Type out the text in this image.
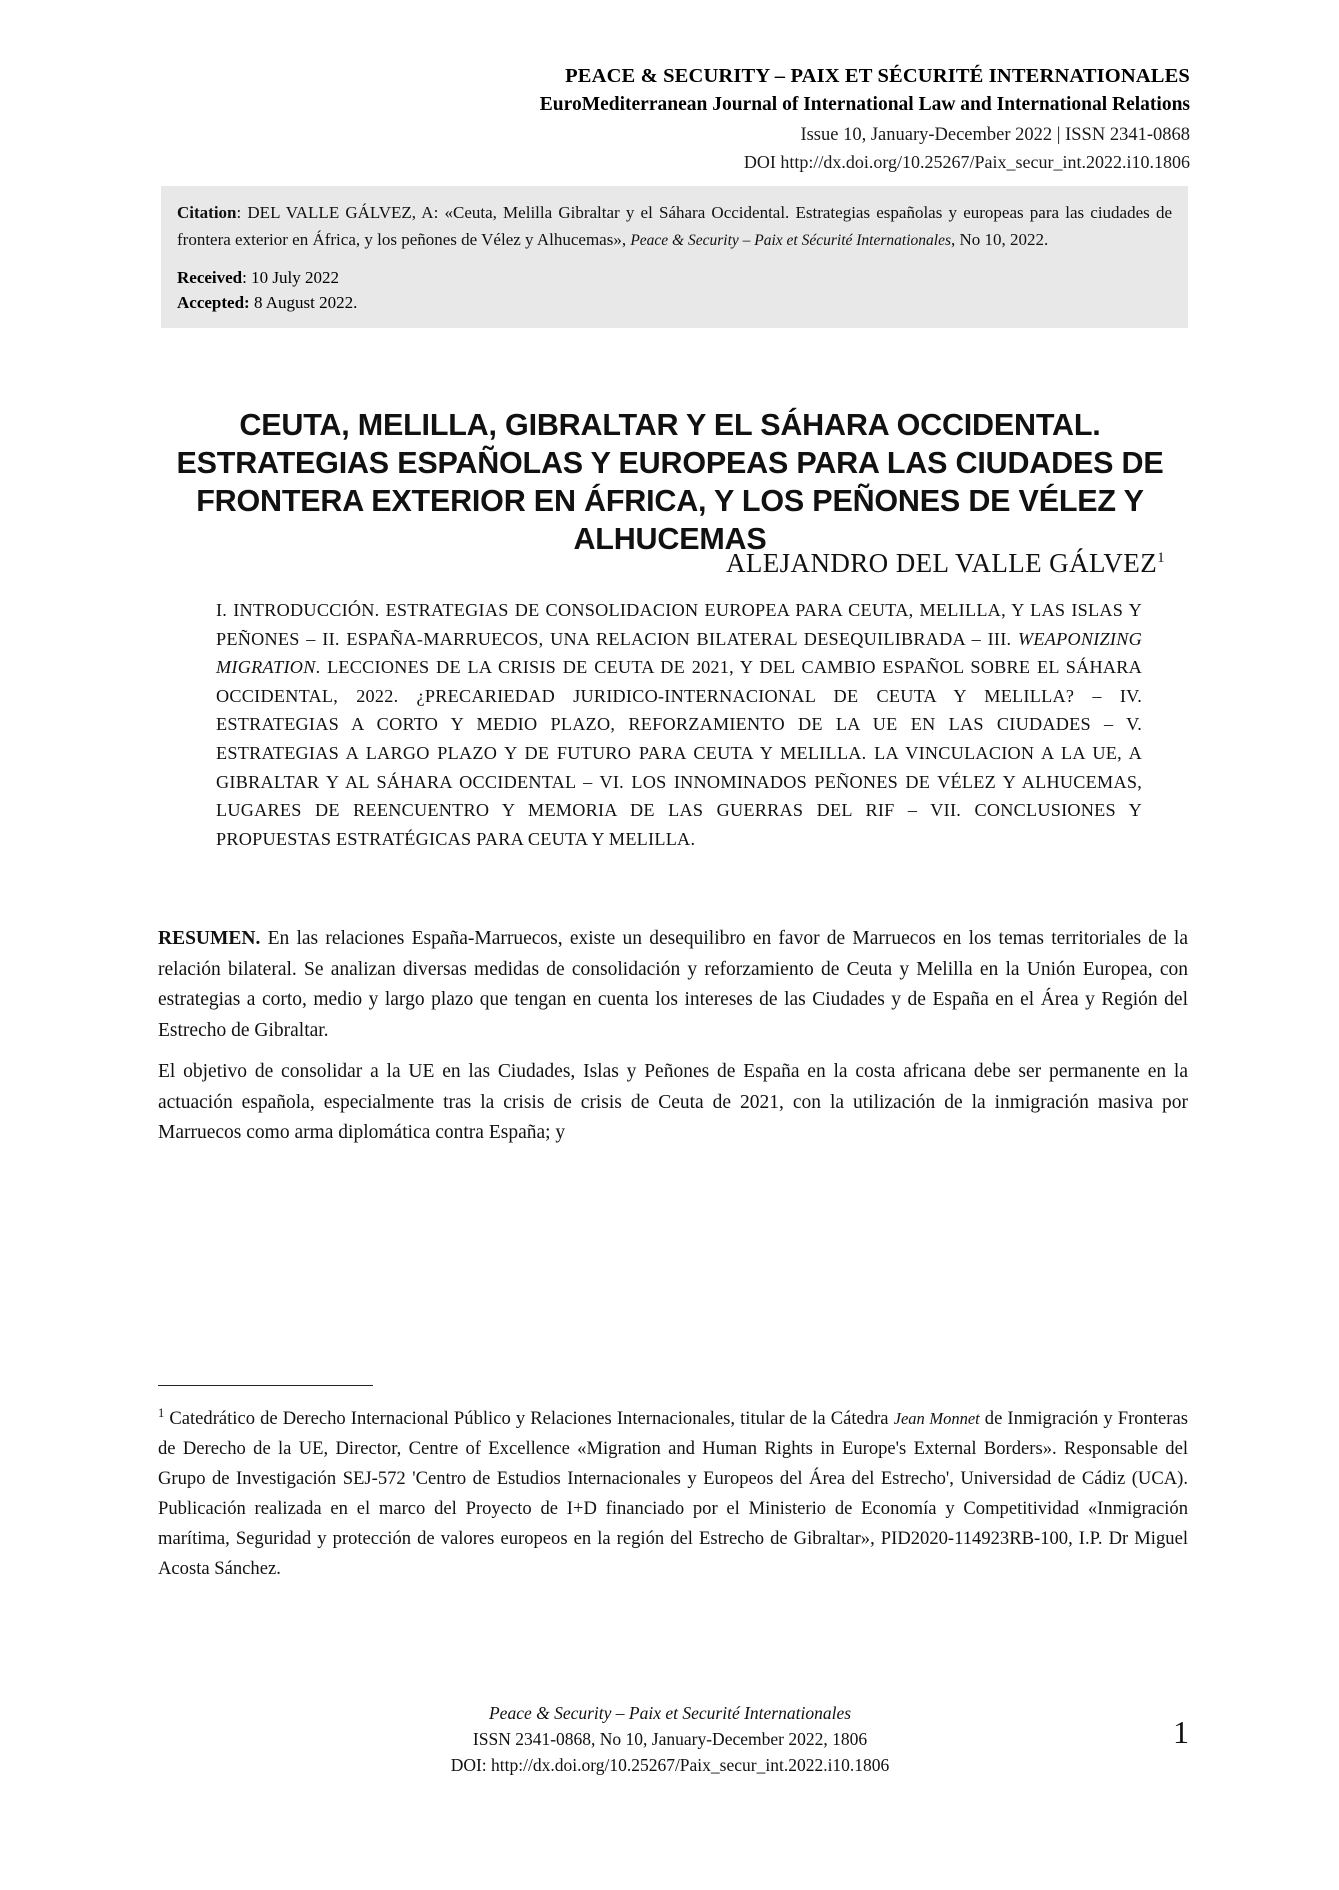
PEACE & SECURITY – PAIX ET SÉCURITÉ INTERNATIONALES
EuroMediterranean Journal of International Law and International Relations
Issue 10, January-December 2022 | ISSN 2341-0868
DOI http://dx.doi.org/10.25267/Paix_secur_int.2022.i10.1806
Citation: DEL VALLE GÁLVEZ, A: «Ceuta, Melilla Gibraltar y el Sáhara Occidental. Estrategias españolas y europeas para las ciudades de frontera exterior en África, y los peñones de Vélez y Alhucemas», Peace & Security – Paix et Sécurité Internationales, No 10, 2022.
Received: 10 July 2022
Accepted: 8 August 2022.
CEUTA, MELILLA, GIBRALTAR Y EL SÁHARA OCCIDENTAL. ESTRATEGIAS ESPAÑOLAS Y EUROPEAS PARA LAS CIUDADES DE FRONTERA EXTERIOR EN ÁFRICA, Y LOS PEÑONES DE VÉLEZ Y ALHUCEMAS
ALEJANDRO DEL VALLE GÁLVEZ$^1$
I. INTRODUCCIÓN. ESTRATEGIAS DE CONSOLIDACION EUROPEA PARA CEUTA, MELILLA, Y LAS ISLAS Y PEÑONES – II. ESPAÑA-MARRUECOS, UNA RELACION BILATERAL DESEQUILIBRADA – III. WEAPONIZING MIGRATION. LECCIONES DE LA CRISIS DE CEUTA DE 2021, Y DEL CAMBIO ESPAÑOL SOBRE EL SÁHARA OCCIDENTAL, 2022. ¿PRECARIEDAD JURIDICO-INTERNACIONAL DE CEUTA Y MELILLA? – IV. ESTRATEGIAS A CORTO Y MEDIO PLAZO, REFORZAMIENTO DE LA UE EN LAS CIUDADES – V. ESTRATEGIAS A LARGO PLAZO Y DE FUTURO PARA CEUTA Y MELILLA. LA VINCULACION A LA UE, A GIBRALTAR Y AL SÁHARA OCCIDENTAL – VI. LOS INNOMINADOS PEÑONES DE VÉLEZ Y ALHUCEMAS, LUGARES DE REENCUENTRO Y MEMORIA DE LAS GUERRAS DEL RIF – VII. CONCLUSIONES Y PROPUESTAS ESTRATÉGICAS PARA CEUTA Y MELILLA.

RESUMEN. En las relaciones España-Marruecos, existe un desequilibro en favor de Marruecos en los temas territoriales de la relación bilateral. Se analizan diversas medidas de consolidación y reforzamiento de Ceuta y Melilla en la Unión Europea, con estrategias a corto, medio y largo plazo que tengan en cuenta los intereses de las Ciudades y de España en el Área y Región del Estrecho de Gibraltar.

El objetivo de consolidar a la UE en las Ciudades, Islas y Peñones de España en la costa africana debe ser permanente en la actuación española, especialmente tras la crisis de crisis de Ceuta de 2021, con la utilización de la inmigración masiva por Marruecos como arma diplomática contra España; y

$^1$ Catedrático de Derecho Internacional Público y Relaciones Internacionales, titular de la Cátedra Jean Monnet de Inmigración y Fronteras de Derecho de la UE, Director, Centre of Excellence «Migration and Human Rights in Europe's External Borders». Responsable del Grupo de Investigación SEJ-572 'Centro de Estudios Internacionales y Europeos del Área del Estrecho', Universidad de Cádiz (UCA). Publicación realizada en el marco del Proyecto de I+D financiado por el Ministerio de Economía y Competitividad «Inmigración marítima, Seguridad y protección de valores europeos en la región del Estrecho de Gibraltar», PID2020-114923RB-100, I.P. Dr Miguel Acosta Sánchez.
Peace & Security – Paix et Securité Internationales
ISSN 2341-0868, No 10, January-December 2022, 1806
DOI: http://dx.doi.org/10.25267/Paix_secur_int.2022.i10.1806
1
